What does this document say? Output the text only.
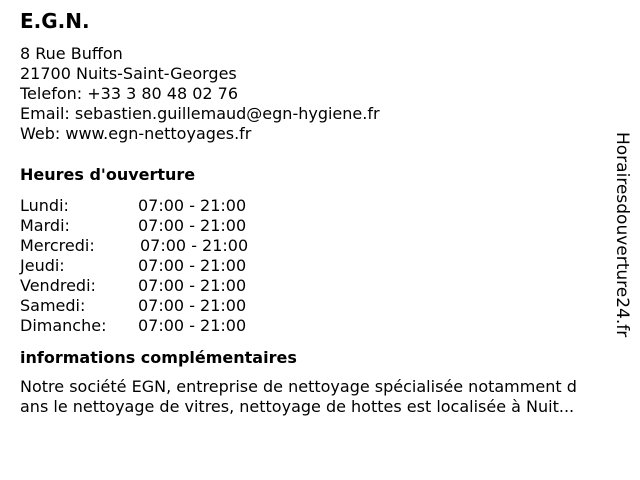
E.G.N.
8 Rue Buffon
21700 Nuits-Saint-Georges
Telefon: +33 3 80 48 02 76
Email: sebastien.guillemaud@egn-hygiene.fr
Web: www.egn-nettoyages.fr
Heures d'ouverture
Lundi:	07:00 - 21:00
Mardi:	07:00 - 21:00
Mercredi:	07:00 - 21:00
Jeudi:	07:00 - 21:00
Vendredi:	07:00 - 21:00
Samedi:	07:00 - 21:00
Dimanche:	07:00 - 21:00
informations complémentaires
Notre société EGN, entreprise de nettoyage spécialisée notamment d
ans le nettoyage de vitres, nettoyage de hottes est localisée à Nuit...
Horairesdouverture24.fr
